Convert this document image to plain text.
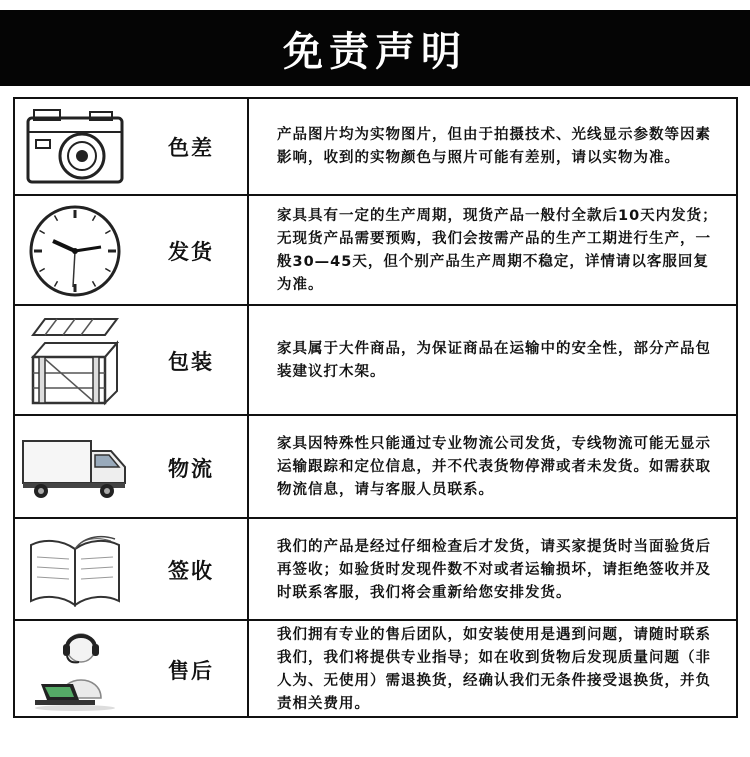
免责声明
色差
产品图片均为实物图片，但由于拍摄技术、光线显示参数等因素影响，收到的实物颜色与照片可能有差别，请以实物为准。
发货
家具具有一定的生产周期，现货产品一般付全款后10天内发货；无现货产品需要预购，我们会按需产品的生产工期进行生产，一般30—45天，但个别产品生产周期不稳定，详情请以客服回复为准。
包装
家具属于大件商品，为保证商品在运输中的安全性，部分产品包装建议打木架。
物流
家具因特殊性只能通过专业物流公司发货，专线物流可能无显示运输跟踪和定位信息，并不代表货物停滞或者未发货。如需获取物流信息，请与客服人员联系。
签收
我们的产品是经过仔细检查后才发货，请买家提货时当面验货后再签收；如验货时发现件数不对或者运输损坏，请拒绝签收并及时联系客服，我们将会重新给您安排发货。
售后
我们拥有专业的售后团队，如安装使用是遇到问题，请随时联系我们，我们将提供专业指导；如在收到货物后发现质量问题（非人为、无使用）需退换货，经确认我们无条件接受退换货，并负责相关费用。
